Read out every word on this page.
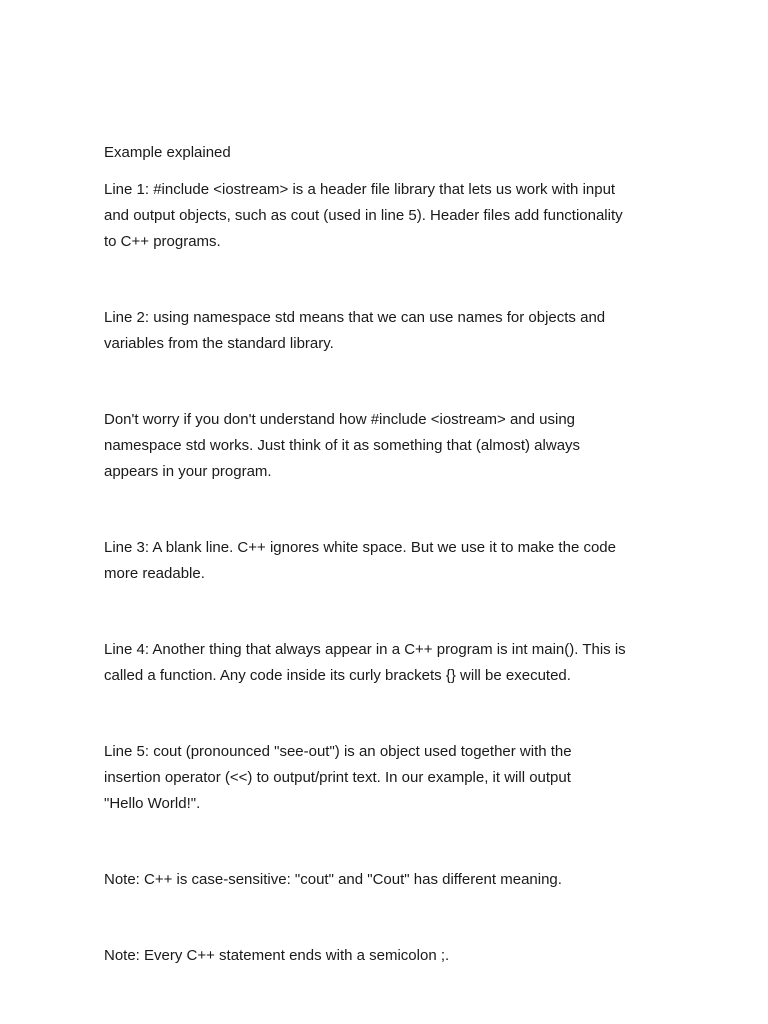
Example explained

Line 1: #include <iostream> is a header file library that lets us work with input
and output objects, such as cout (used in line 5). Header files add functionality
to C++ programs.

Line 2: using namespace std means that we can use names for objects and
variables from the standard library.

Don't worry if you don't understand how #include <iostream> and using
namespace std works. Just think of it as something that (almost) always
appears in your program.

Line 3: A blank line. C++ ignores white space. But we use it to make the code
more readable.

Line 4: Another thing that always appear in a C++ program is int main(). This is
called a function. Any code inside its curly brackets {} will be executed.

Line 5: cout (pronounced "see-out") is an object used together with the
insertion operator (<<) to output/print text. In our example, it will output
"Hello World!".

Note: C++ is case-sensitive: "cout" and "Cout" has different meaning.

Note: Every C++ statement ends with a semicolon ;.
